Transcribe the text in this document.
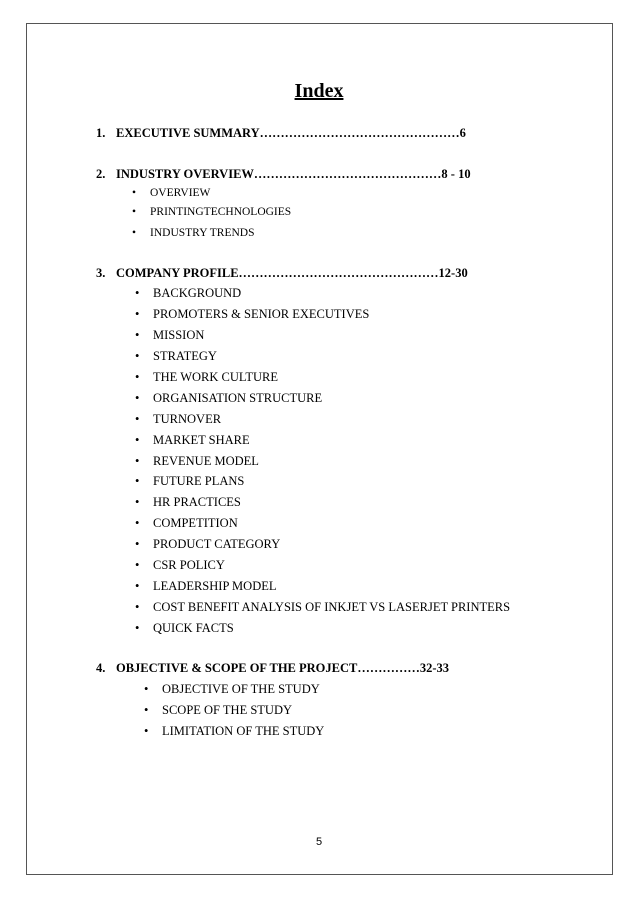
Index
1. EXECUTIVE SUMMARY…………………………………………6
2. INDUSTRY OVERVIEW………………………………………8 - 10
• OVERVIEW
• PRINTINGTECHNOLOGIES
• INDUSTRY TRENDS
3. COMPANY PROFILE…………………………………………12-30
• BACKGROUND
• PROMOTERS & SENIOR EXECUTIVES
• MISSION
• STRATEGY
• THE WORK CULTURE
• ORGANISATION STRUCTURE
• TURNOVER
• MARKET SHARE
• REVENUE MODEL
• FUTURE PLANS
• HR PRACTICES
• COMPETITION
• PRODUCT CATEGORY
• CSR POLICY
• LEADERSHIP MODEL
• COST BENEFIT ANALYSIS OF INKJET VS LASERJET PRINTERS
• QUICK FACTS
4. OBJECTIVE & SCOPE OF THE PROJECT……………32-33
• OBJECTIVE OF THE STUDY
• SCOPE OF THE STUDY
• LIMITATION OF THE STUDY
5
